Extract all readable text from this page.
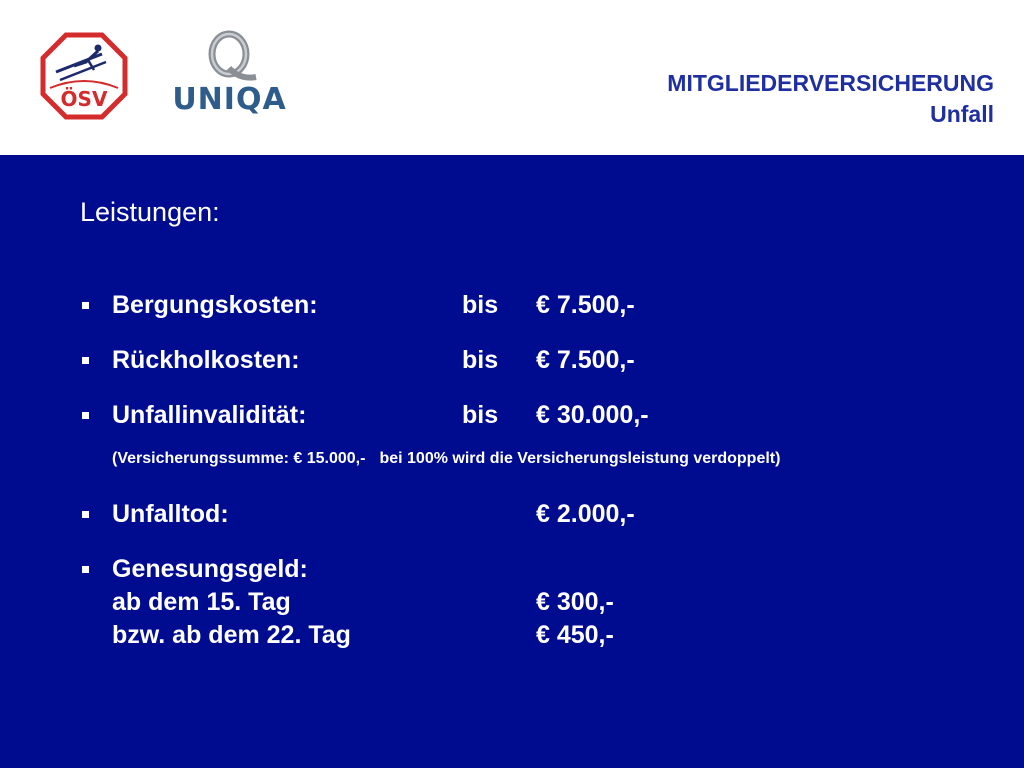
ÖSV UNIQA	MITGLIEDERVERSICHERUNG
Unfall
Leistungen:
Bergungskosten:	bis € 7.500,-
Rückholkosten:	bis € 7.500,-
Unfallinvalidität:	bis € 30.000,-
(Versicherungssumme: € 15.000,- bei 100% wird die Versicherungsleistung verdoppelt)
Unfalltod:	€ 2.000,-
Genesungsgeld:
ab dem 15. Tag	€ 300,-
bzw. ab dem 22. Tag	€ 450,-
